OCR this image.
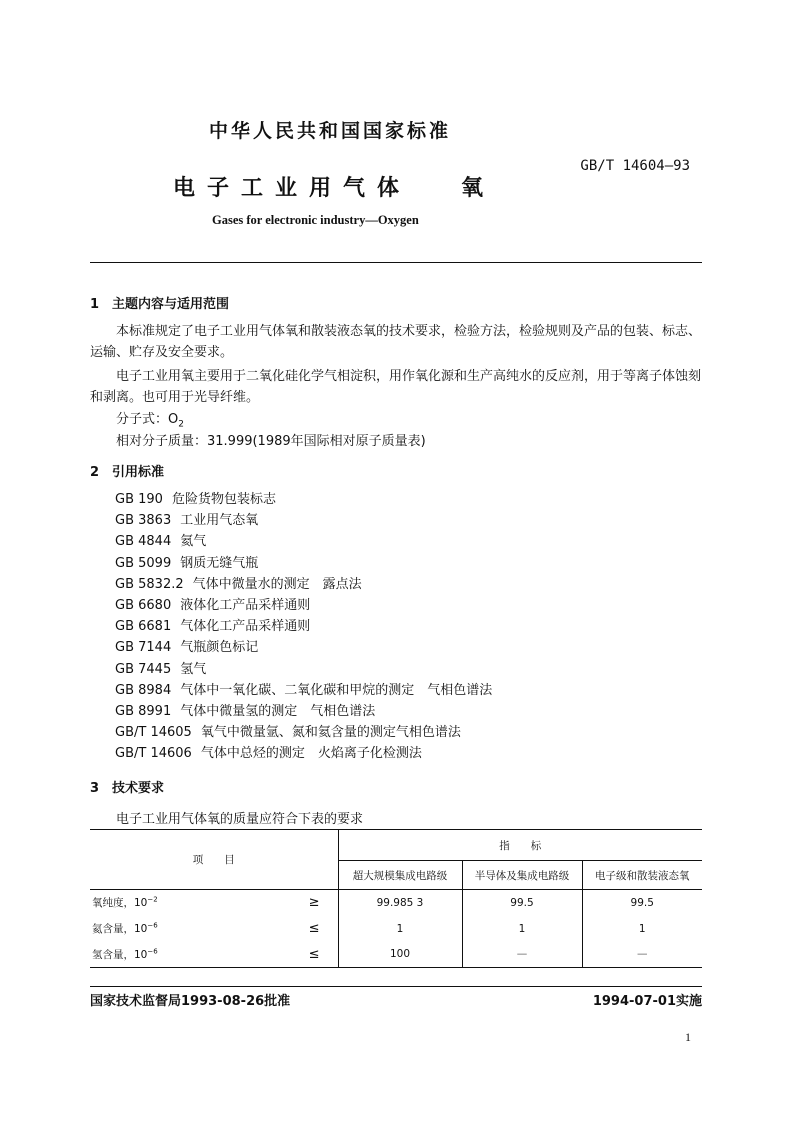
中华人民共和国国家标准
GB/T 14604—93
电子工业用气体 氧
Gases for electronic industry—Oxygen
1　主题内容与适用范围
本标准规定了电子工业用气体氧和散装液态氧的技术要求，检验方法，检验规则及产品的包装、标志、运输、贮存及安全要求。
电子工业用氧主要用于二氧化硅化学气相淀积，用作氧化源和生产高纯水的反应剂，用于等离子体蚀刻和剥离。也可用于光导纤维。
分子式：$O_2$
相对分子质量：31.999(1989年国际相对原子质量表)
2　引用标准
GB 190 危险货物包装标志
GB 3863 工业用气态氧
GB 4844 氦气
GB 5099 钢质无缝气瓶
GB 5832.2 气体中微量水的测定　露点法
GB 6680 液体化工产品采样通则
GB 6681 气体化工产品采样通则
GB 7144 气瓶颜色标记
GB 7445 氢气
GB 8984 气体中一氧化碳、二氧化碳和甲烷的测定　气相色谱法
GB 8991 气体中微量氢的测定　气相色谱法
GB/T 14605 氧气中微量氩、氮和氦含量的测定气相色谱法
GB/T 14606 气体中总烃的测定　火焰离子化检测法
3　技术要求
电子工业用气体氧的质量应符合下表的要求
项　　目	指　　标		
	超大规模集成电路级	半导体及集成电路级	电子级和散装液态氧
氧纯度，$10^{-2}$ ≥	99.985 3	99.5	99.5
氦含量，$10^{-6}$ ≤	1	1	1
氢含量，$10^{-6}$ ≤	100	—	—
国家技术监督局1993-08-26批准	1994-07-01实施
1
